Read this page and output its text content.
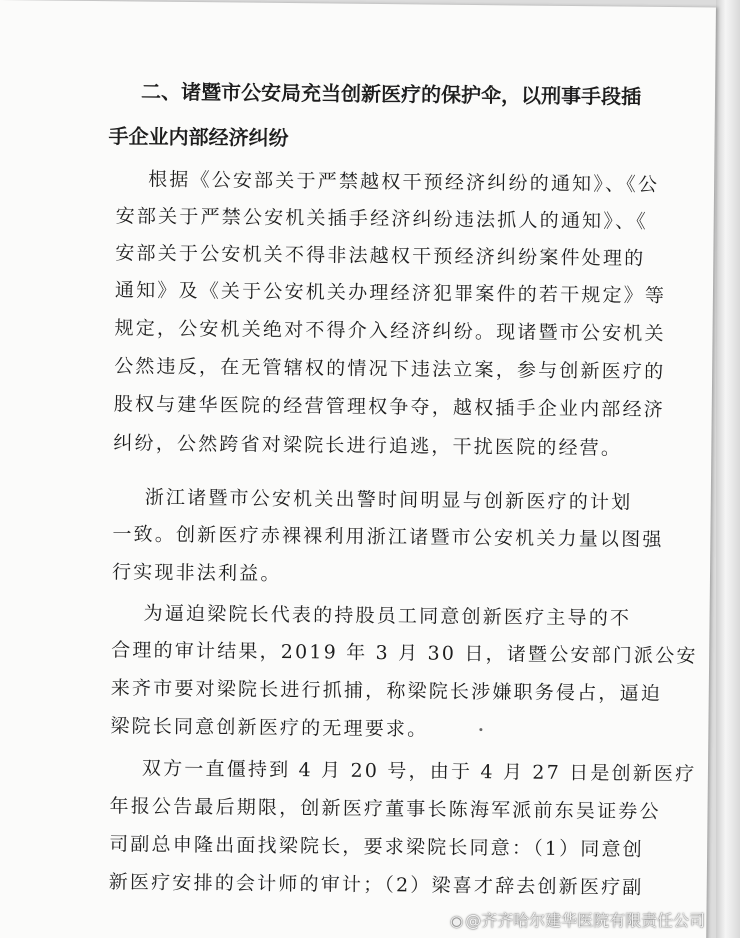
二、诸暨市公安局充当创新医疗的保护伞，以刑事手段插
手企业内部经济纠纷
根据《公安部关于严禁越权干预经济纠纷的通知》、《公
安部关于严禁公安机关插手经济纠纷违法抓人的通知》、《
安部关于公安机关不得非法越权干预经济纠纷案件处理的
通知》及《关于公安机关办理经济犯罪案件的若干规定》等
规定，公安机关绝对不得介入经济纠纷。现诸暨市公安机关
公然违反，在无管辖权的情况下违法立案，参与创新医疗的
股权与建华医院的经营管理权争夺，越权插手企业内部经济
纠纷，公然跨省对梁院长进行追逃，干扰医院的经营。
浙江诸暨市公安机关出警时间明显与创新医疗的计划
一致。创新医疗赤裸裸利用浙江诸暨市公安机关力量以图强
行实现非法利益。
为逼迫梁院长代表的持股员工同意创新医疗主导的不
合理的审计结果，2019 年 3 月 30 日，诸暨公安部门派公安
来齐市要对梁院长进行抓捕，称梁院长涉嫌职务侵占，逼迫
梁院长同意创新医疗的无理要求。
双方一直僵持到 4 月 20 号，由于 4 月 27 日是创新医疗
年报公告最后期限，创新医疗董事长陈海军派前东吴证券公
司副总申隆出面找梁院长，要求梁院长同意：（1）同意创
新医疗安排的会计师的审计；（2）梁喜才辞去创新医疗副
◉ @齐齐哈尔建华医院有限责任公司
